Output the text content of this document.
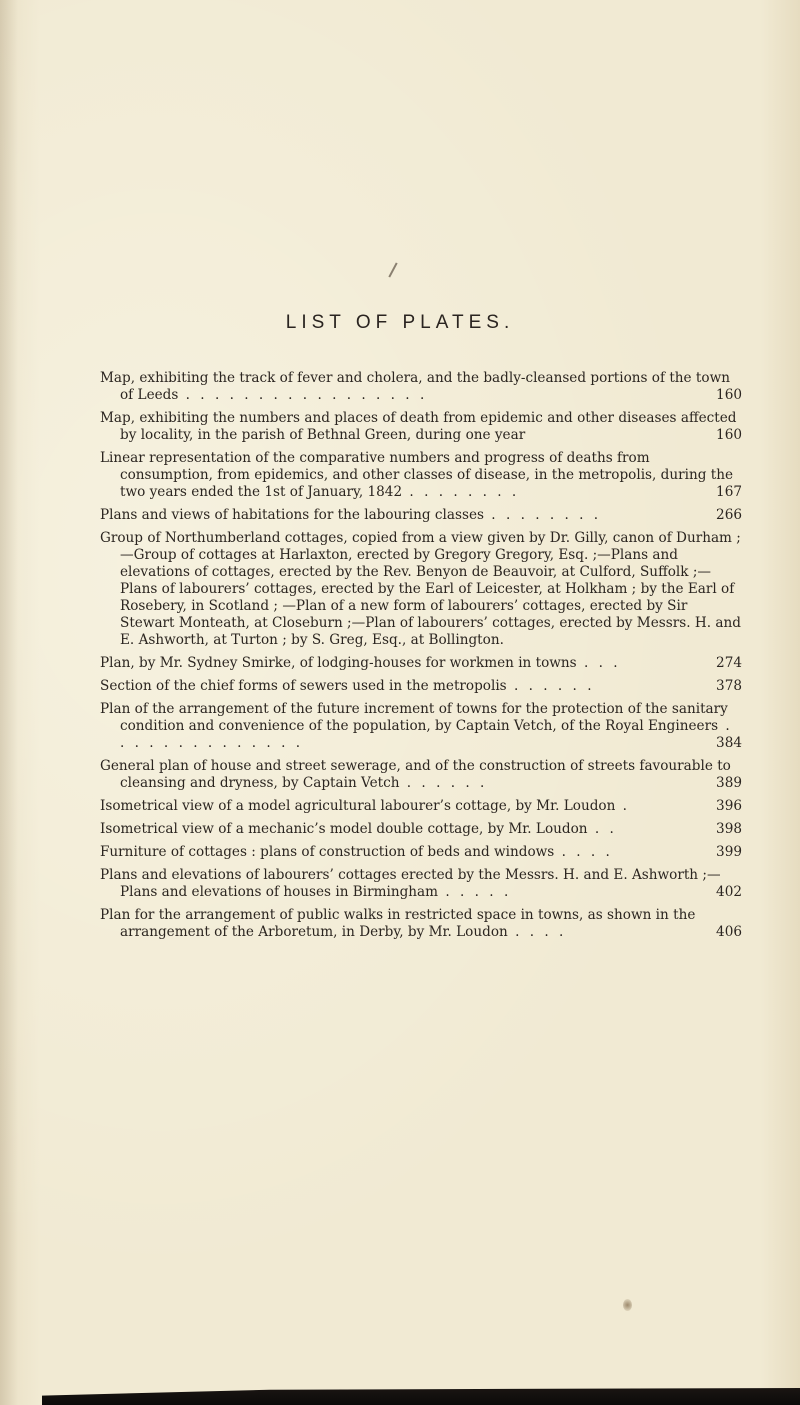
LIST OF PLATES.
Map, exhibiting the track of fever and cholera, and the badly-cleansed portions of the town of Leeds . . . . . . . . . . . . . . . . .	160
Map, exhibiting the numbers and places of death from epidemic and other diseases affected by locality, in the parish of Bethnal Green, during one year	160
Linear representation of the comparative numbers and progress of deaths from consumption, from epidemics, and other classes of disease, in the metropolis, during the two years ended the 1st of January, 1842 . . . . . . . .	167
Plans and views of habitations for the labouring classes . . . . . . . .	266
Group of Northumberland cottages, copied from a view given by Dr. Gilly, canon of Durham ;—Group of cottages at Harlaxton, erected by Gregory Gregory, Esq. ;—Plans and elevations of cottages, erected by the Rev. Benyon de Beauvoir, at Culford, Suffolk ;—Plans of labourers’ cottages, erected by the Earl of Leicester, at Holkham ; by the Earl of Rosebery, in Scotland ; —Plan of a new form of labourers’ cottages, erected by Sir Stewart Monteath, at Closeburn ;—Plan of labourers’ cottages, erected by Messrs. H. and E. Ashworth, at Turton ; by S. Greg, Esq., at Bollington.
Plan, by Mr. Sydney Smirke, of lodging-houses for workmen in towns . . .	274
Section of the chief forms of sewers used in the metropolis . . . . . .	378
Plan of the arrangement of the future increment of towns for the protection of the sanitary condition and convenience of the population, by Captain Vetch, of the Royal Engineers . . . . . . . . . . . . . .	384
General plan of house and street sewerage, and of the construction of streets favourable to cleansing and dryness, by Captain Vetch . . . . . .	389
Isometrical view of a model agricultural labourer’s cottage, by Mr. Loudon .	396
Isometrical view of a mechanic’s model double cottage, by Mr. Loudon . .	398
Furniture of cottages : plans of construction of beds and windows . . . .	399
Plans and elevations of labourers’ cottages erected by the Messrs. H. and E. Ashworth ;—Plans and elevations of houses in Birmingham . . . . .	402
Plan for the arrangement of public walks in restricted space in towns, as shown in the arrangement of the Arboretum, in Derby, by Mr. Loudon . . . .	406
